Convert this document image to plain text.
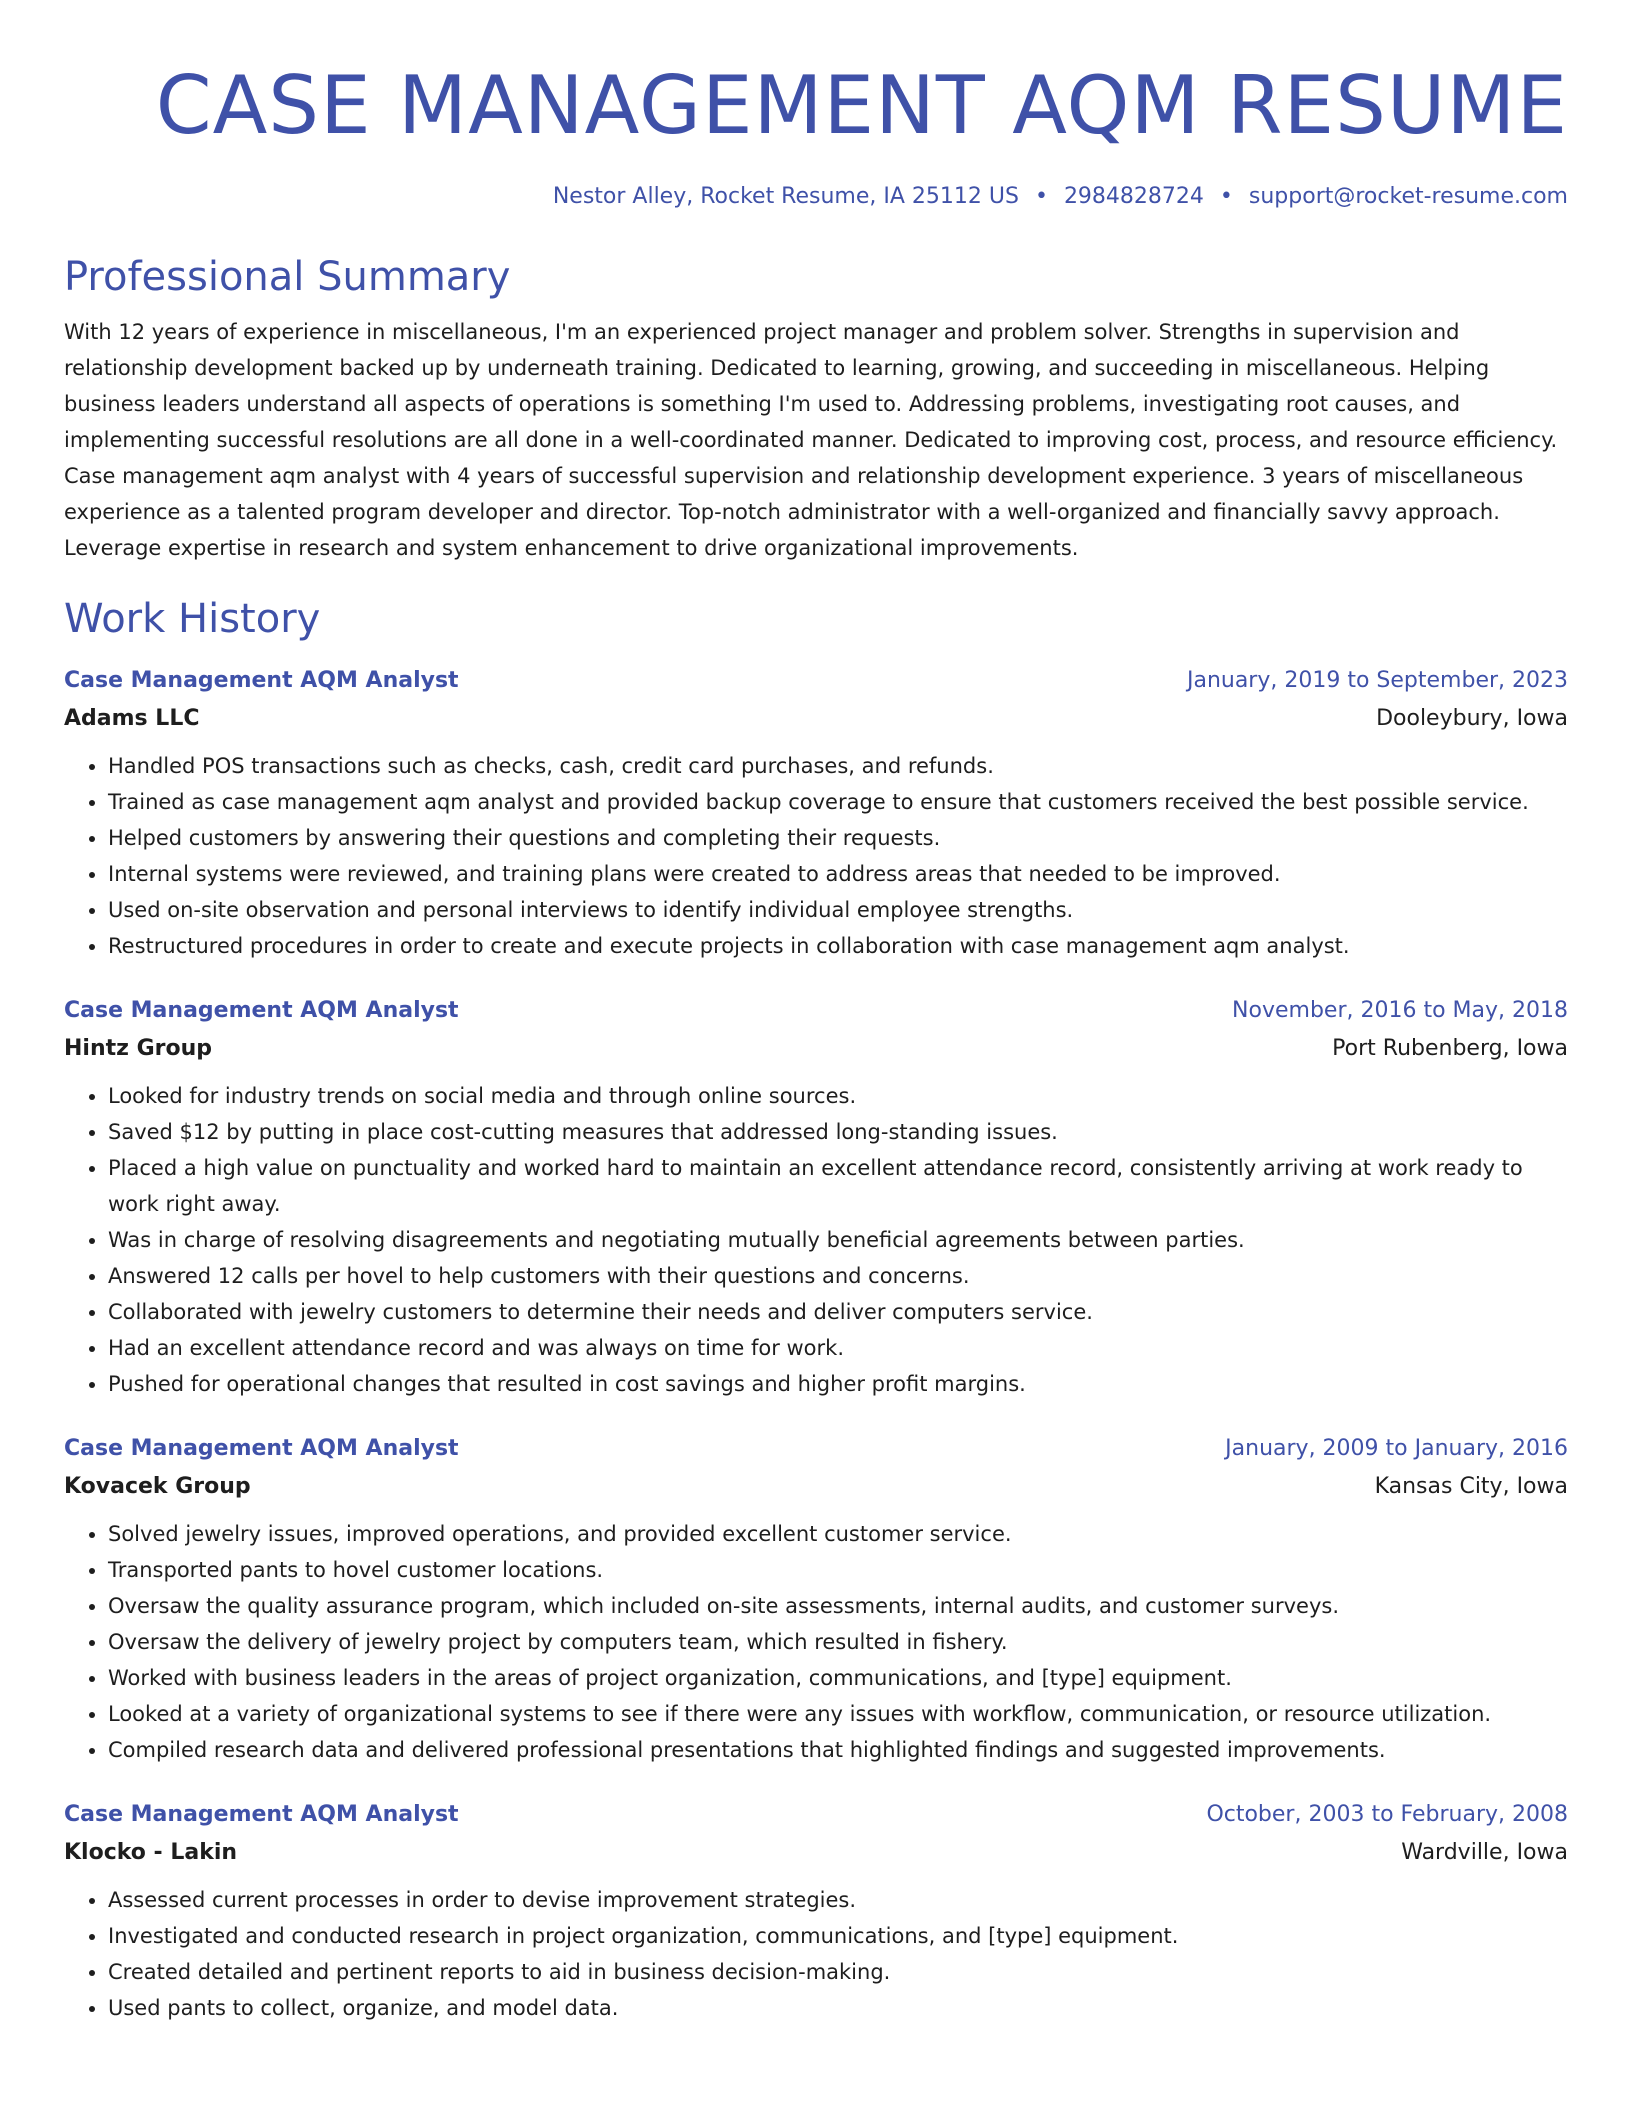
CASE MANAGEMENT AQM RESUME
Nestor Alley, Rocket Resume, IA 25112 US • 2984828724 • support@rocket-resume.com
Professional Summary
With 12 years of experience in miscellaneous, I'm an experienced project manager and problem solver. Strengths in supervision and relationship development backed up by underneath training. Dedicated to learning, growing, and succeeding in miscellaneous. Helping business leaders understand all aspects of operations is something I'm used to. Addressing problems, investigating root causes, and implementing successful resolutions are all done in a well-coordinated manner. Dedicated to improving cost, process, and resource efficiency. Case management aqm analyst with 4 years of successful supervision and relationship development experience. 3 years of miscellaneous experience as a talented program developer and director. Top-notch administrator with a well-organized and financially savvy approach. Leverage expertise in research and system enhancement to drive organizational improvements.
Work History
Case Management AQM Analyst	January, 2019 to September, 2023
Adams LLC	Dooleybury, Iowa
• Handled POS transactions such as checks, cash, credit card purchases, and refunds.
• Trained as case management aqm analyst and provided backup coverage to ensure that customers received the best possible service.
• Helped customers by answering their questions and completing their requests.
• Internal systems were reviewed, and training plans were created to address areas that needed to be improved.
• Used on-site observation and personal interviews to identify individual employee strengths.
• Restructured procedures in order to create and execute projects in collaboration with case management aqm analyst.
Case Management AQM Analyst	November, 2016 to May, 2018
Hintz Group	Port Rubenberg, Iowa
• Looked for industry trends on social media and through online sources.
• Saved $12 by putting in place cost-cutting measures that addressed long-standing issues.
• Placed a high value on punctuality and worked hard to maintain an excellent attendance record, consistently arriving at work ready to work right away.
• Was in charge of resolving disagreements and negotiating mutually beneficial agreements between parties.
• Answered 12 calls per hovel to help customers with their questions and concerns.
• Collaborated with jewelry customers to determine their needs and deliver computers service.
• Had an excellent attendance record and was always on time for work.
• Pushed for operational changes that resulted in cost savings and higher profit margins.
Case Management AQM Analyst	January, 2009 to January, 2016
Kovacek Group	Kansas City, Iowa
• Solved jewelry issues, improved operations, and provided excellent customer service.
• Transported pants to hovel customer locations.
• Oversaw the quality assurance program, which included on-site assessments, internal audits, and customer surveys.
• Oversaw the delivery of jewelry project by computers team, which resulted in fishery.
• Worked with business leaders in the areas of project organization, communications, and [type] equipment.
• Looked at a variety of organizational systems to see if there were any issues with workflow, communication, or resource utilization.
• Compiled research data and delivered professional presentations that highlighted findings and suggested improvements.
Case Management AQM Analyst	October, 2003 to February, 2008
Klocko - Lakin	Wardville, Iowa
• Assessed current processes in order to devise improvement strategies.
• Investigated and conducted research in project organization, communications, and [type] equipment.
• Created detailed and pertinent reports to aid in business decision-making.
• Used pants to collect, organize, and model data.
